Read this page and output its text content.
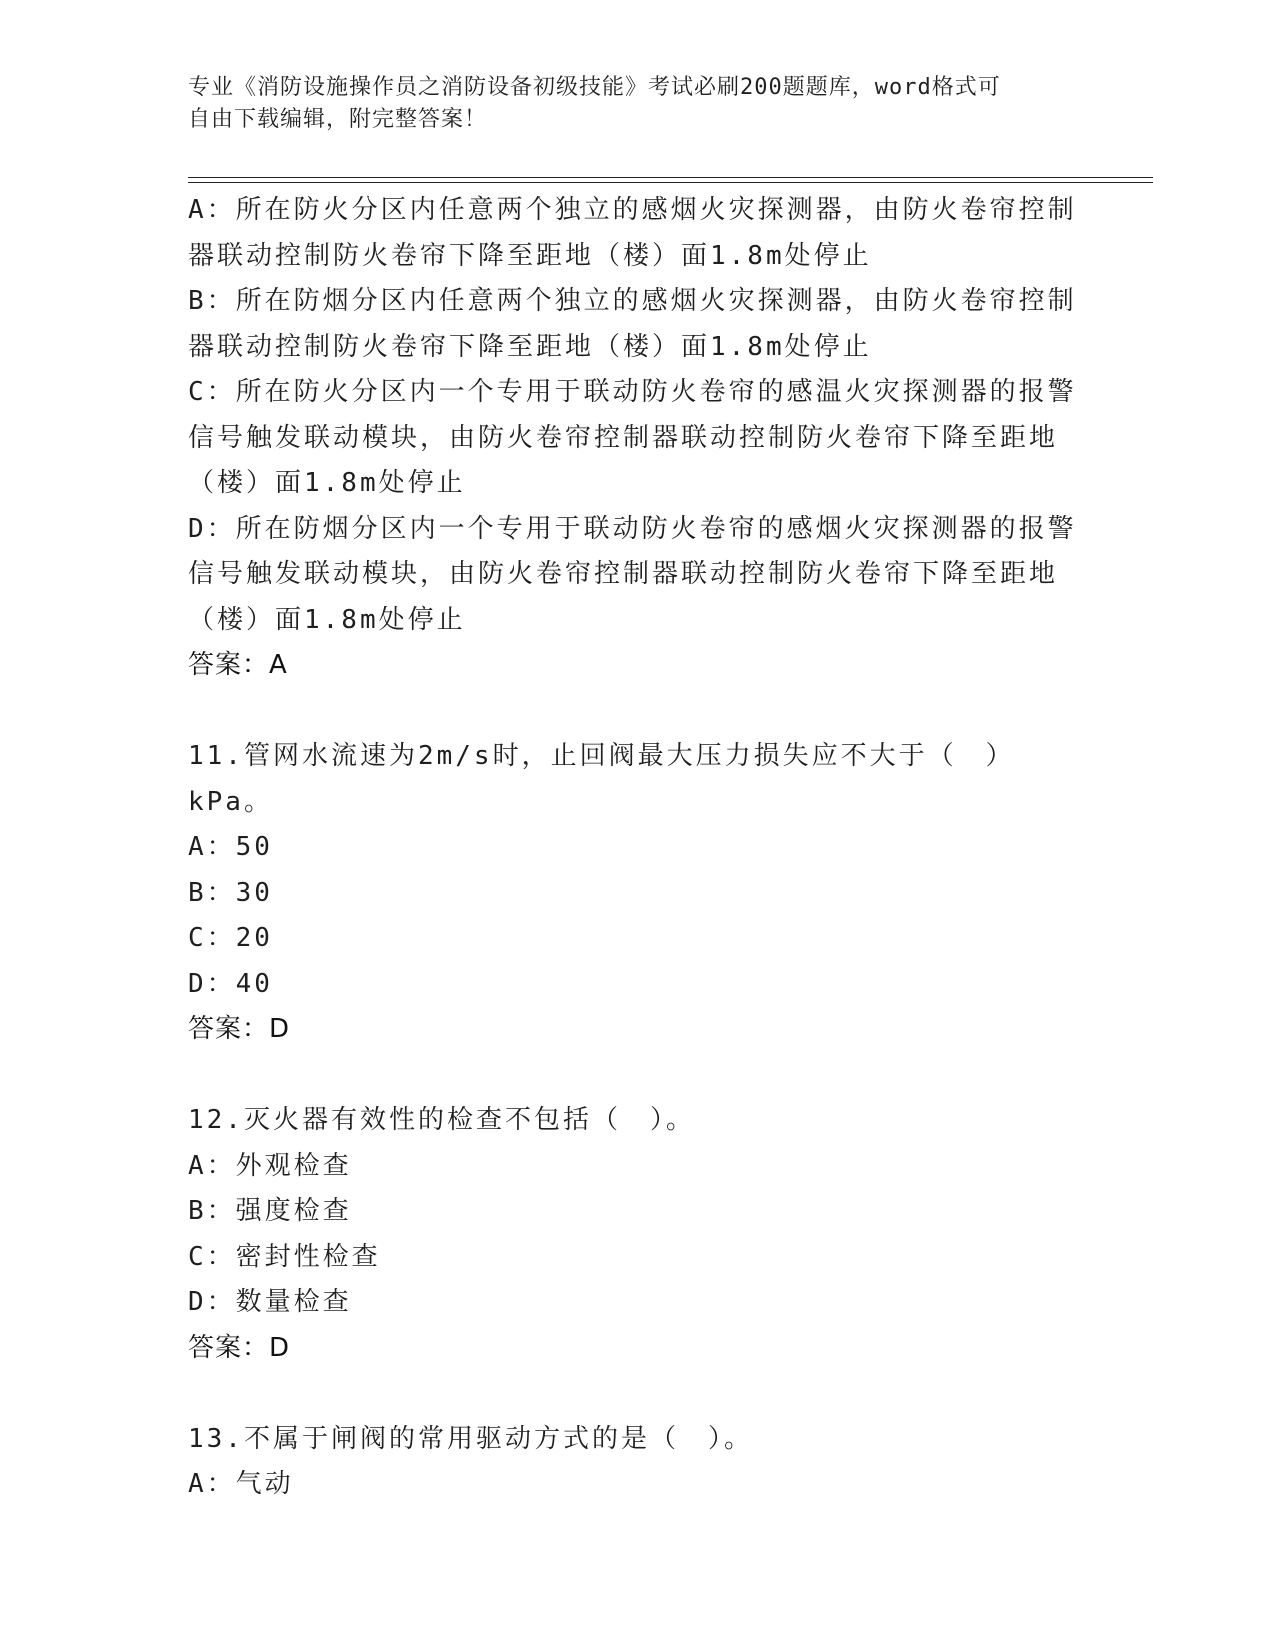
专业《消防设施操作员之消防设备初级技能》考试必刷200题题库，word格式可
自由下载编辑，附完整答案！
A：所在防火分区内任意两个独立的感烟火灾探测器，由防火卷帘控制
器联动控制防火卷帘下降至距地（楼）面1.8m处停止
B：所在防烟分区内任意两个独立的感烟火灾探测器，由防火卷帘控制
器联动控制防火卷帘下降至距地（楼）面1.8m处停止
C：所在防火分区内一个专用于联动防火卷帘的感温火灾探测器的报警
信号触发联动模块，由防火卷帘控制器联动控制防火卷帘下降至距地
（楼）面1.8m处停止
D：所在防烟分区内一个专用于联动防火卷帘的感烟火灾探测器的报警
信号触发联动模块，由防火卷帘控制器联动控制防火卷帘下降至距地
（楼）面1.8m处停止
答案：A
11.管网水流速为2m/s时，止回阀最大压力损失应不大于（　）kPa。
A：50
B：30
C：20
D：40
答案：D
12.灭火器有效性的检查不包括（　）。
A：外观检查
B：强度检查
C：密封性检查
D：数量检查
答案：D
13.不属于闸阀的常用驱动方式的是（　）。
A：气动
